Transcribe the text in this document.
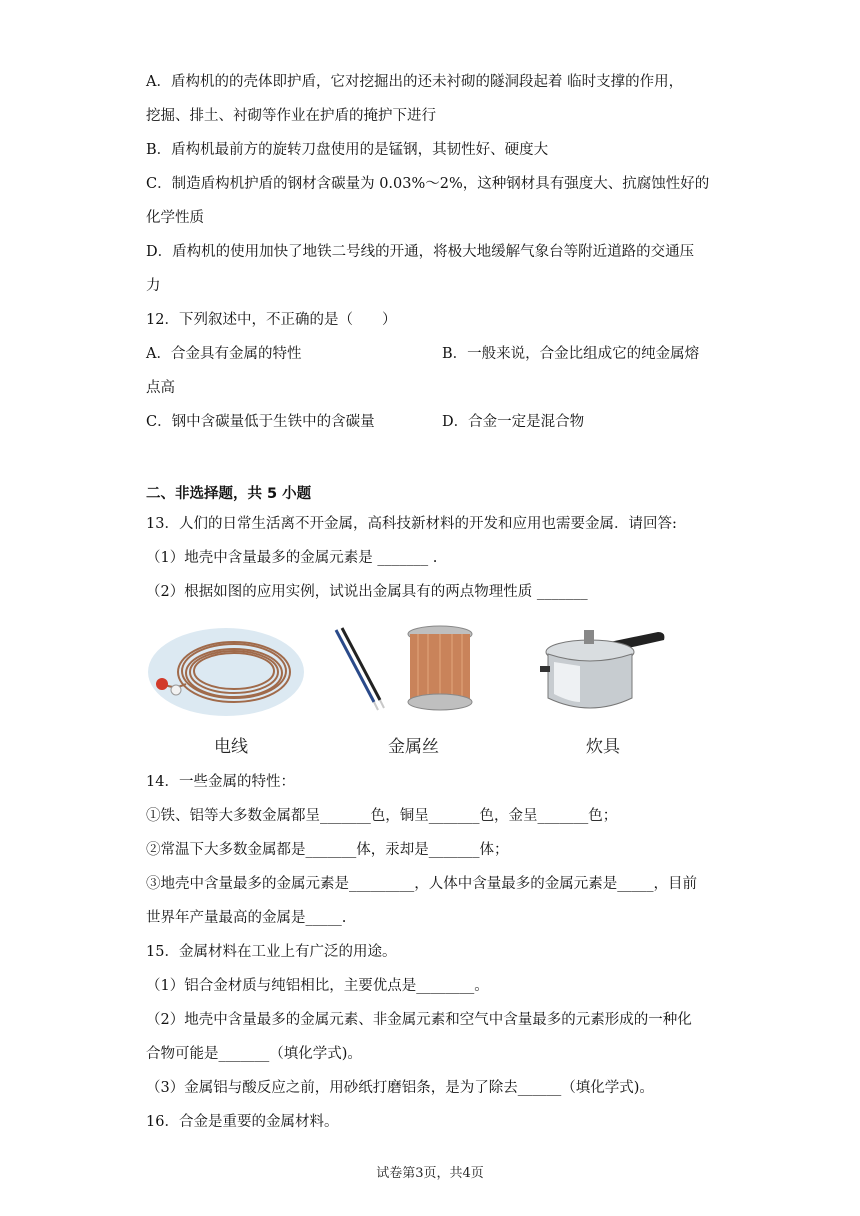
A．盾构机的的壳体即护盾，它对挖掘出的还未衬砌的隧洞段起着 临时支撑的作用，
挖掘、排土、衬砌等作业在护盾的掩护下进行
B．盾构机最前方的旋转刀盘使用的是锰钢，其韧性好、硬度大
C．制造盾构机护盾的钢材含碳量为 0.03%～2%，这种钢材具有强度大、抗腐蚀性好的
化学性质
D．盾构机的使用加快了地铁二号线的开通，将极大地缓解气象台等附近道路的交通压
力
12．下列叙述中，不正确的是（　　）
A．合金具有金属的特性	B．一般来说，合金比组成它的纯金属熔
点高
C．钢中含碳量低于生铁中的含碳量	D．合金一定是混合物
二、非选择题，共 5 小题
13．人们的日常生活离不开金属，高科技新材料的开发和应用也需要金属．请回答:
（1）地壳中含量最多的金属元素是 _______ .
（2）根据如图的应用实例，试说出金属具有的两点物理性质 _______
电线	金属丝	炊具
14．一些金属的特性：
①铁、铝等大多数金属都呈_______色，铜呈_______色，金呈_______色；
②常温下大多数金属都是_______体，汞却是_______体；
③地壳中含量最多的金属元素是_________，人体中含量最多的金属元素是_____，目前
世界年产量最高的金属是_____.
15．金属材料在工业上有广泛的用途。
（1）铝合金材质与纯铝相比，主要优点是________。
（2）地壳中含量最多的金属元素、非金属元素和空气中含量最多的元素形成的一种化
合物可能是_______（填化学式)。
（3）金属铝与酸反应之前，用砂纸打磨铝条，是为了除去______（填化学式)。
16．合金是重要的金属材料。
试卷第3页，共4页
